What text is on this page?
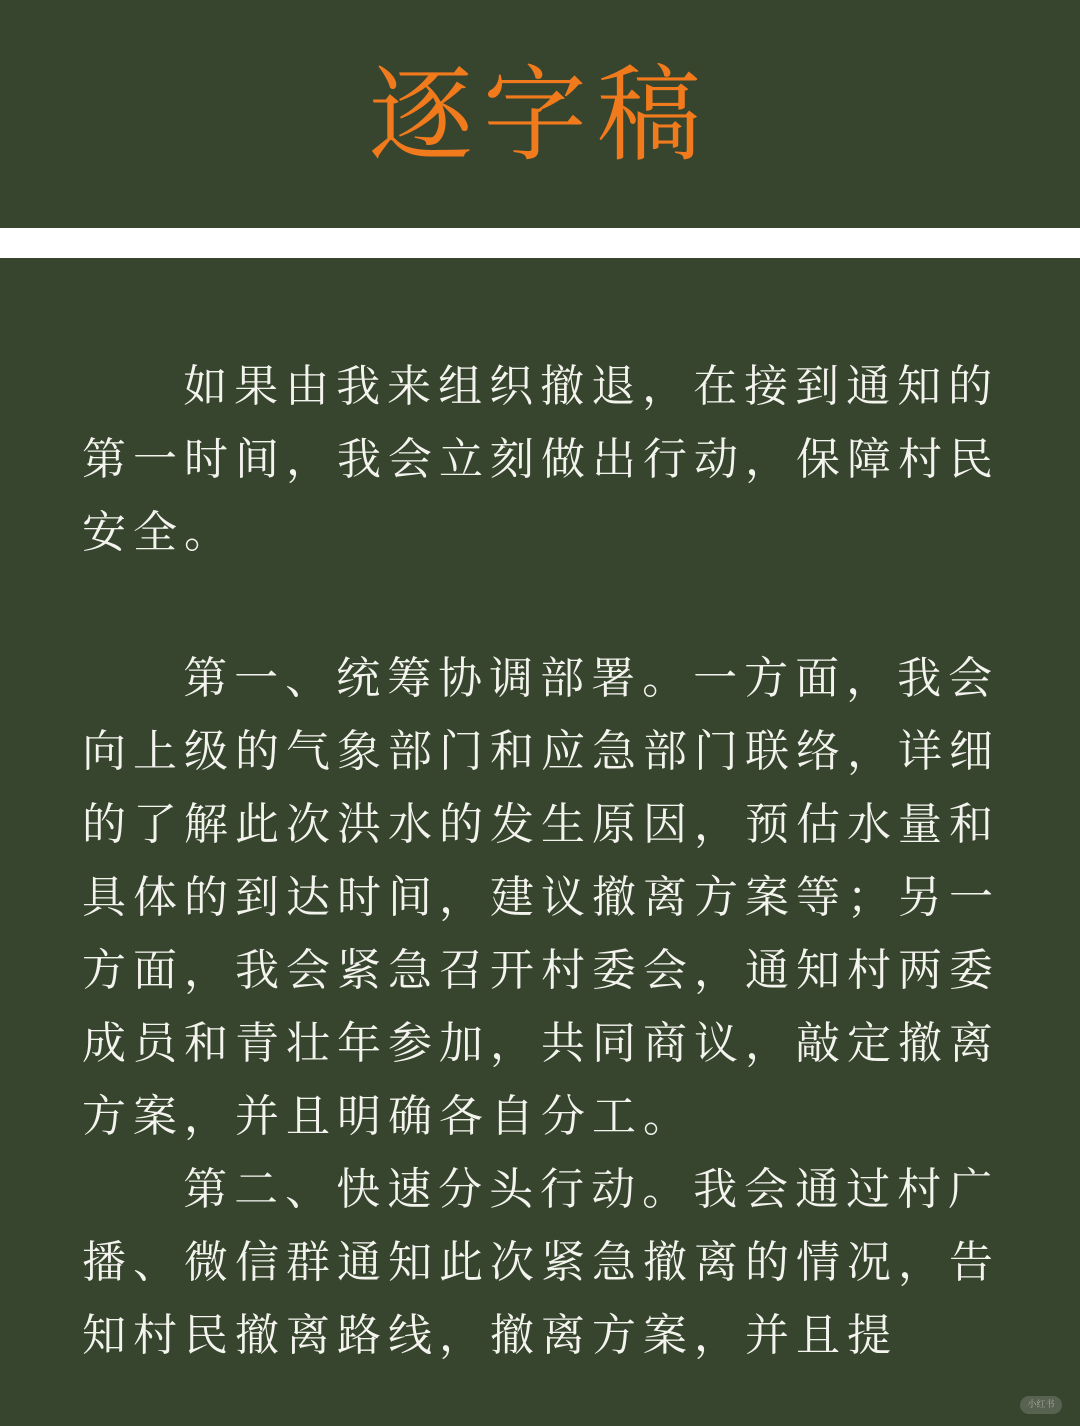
逐字稿

如果由我来组织撤退，在接到通知的第一时间，我会立刻做出行动，保障村民安全。

第一、统筹协调部署。一方面，我会向上级的气象部门和应急部门联络，详细的了解此次洪水的发生原因，预估水量和具体的到达时间，建议撤离方案等；另一方面，我会紧急召开村委会，通知村两委成员和青壮年参加，共同商议，敲定撤离方案，并且明确各自分工。

第二、快速分头行动。我会通过村广播、微信群通知此次紧急撤离的情况，告知村民撤离路线，撤离方案，并且提

小红书
